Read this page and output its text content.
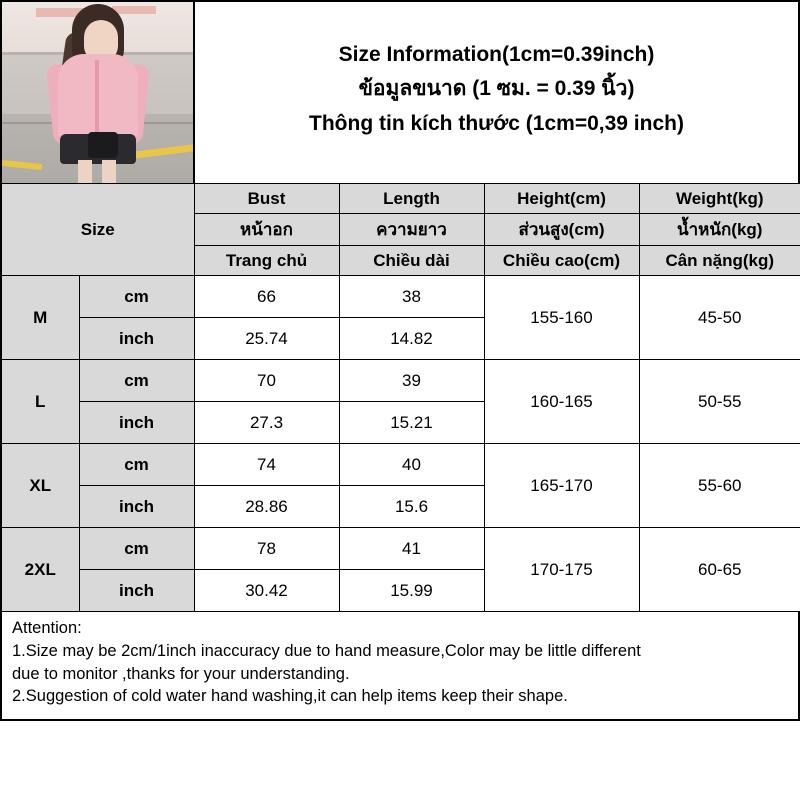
Size Information(1cm=0.39inch)
ข้อมูลขนาด (1 ซม. = 0.39 นิ้ว)
Thông tin kích thước (1cm=0,39 inch)
Size		Bust	Length	Height(cm)	Weight(kg)
		หน้าอก	ความยาว	ส่วนสูง(cm)	น้ำหนัก(kg)
		Trang chủ	Chiều dài	Chiều cao(cm)	Cân nặng(kg)
M	cm	66	38	155-160	45-50
	inch	25.74	14.82		
L	cm	70	39	160-165	50-55
	inch	27.3	15.21		
XL	cm	74	40	165-170	55-60
	inch	28.86	15.6		
2XL	cm	78	41	170-175	60-65
	inch	30.42	15.99		

Attention:

1.Size may be 2cm/1inch inaccuracy due to hand measure,Color may be little different

due to monitor ,thanks for your understanding.

2.Suggestion of cold water hand washing,it can help items keep their shape.
